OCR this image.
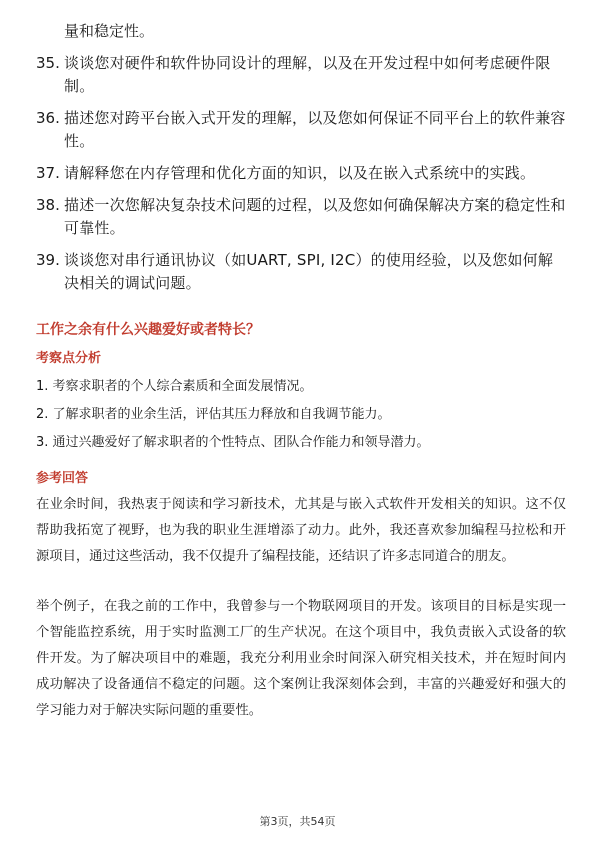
量和稳定性。
35. 谈谈您对硬件和软件协同设计的理解，以及在开发过程中如何考虑硬件限制。
36. 描述您对跨平台嵌入式开发的理解，以及您如何保证不同平台上的软件兼容性。
37. 请解释您在内存管理和优化方面的知识，以及在嵌入式系统中的实践。
38. 描述一次您解决复杂技术问题的过程，以及您如何确保解决方案的稳定性和可靠性。
39. 谈谈您对串行通讯协议（如UART, SPI, I2C）的使用经验，以及您如何解决相关的调试问题。
工作之余有什么兴趣爱好或者特长？
考察点分析
1. 考察求职者的个人综合素质和全面发展情况。
2. 了解求职者的业余生活，评估其压力释放和自我调节能力。
3. 通过兴趣爱好了解求职者的个性特点、团队合作能力和领导潜力。
参考回答
在业余时间，我热衷于阅读和学习新技术，尤其是与嵌入式软件开发相关的知识。这不仅帮助我拓宽了视野，也为我的职业生涯增添了动力。此外，我还喜欢参加编程马拉松和开源项目，通过这些活动，我不仅提升了编程技能，还结识了许多志同道合的朋友。
举个例子，在我之前的工作中，我曾参与一个物联网项目的开发。该项目的目标是实现一个智能监控系统，用于实时监测工厂的生产状况。在这个项目中，我负责嵌入式设备的软件开发。为了解决项目中的难题，我充分利用业余时间深入研究相关技术，并在短时间内成功解决了设备通信不稳定的问题。这个案例让我深刻体会到，丰富的兴趣爱好和强大的学习能力对于解决实际问题的重要性。
第3页，共54页
